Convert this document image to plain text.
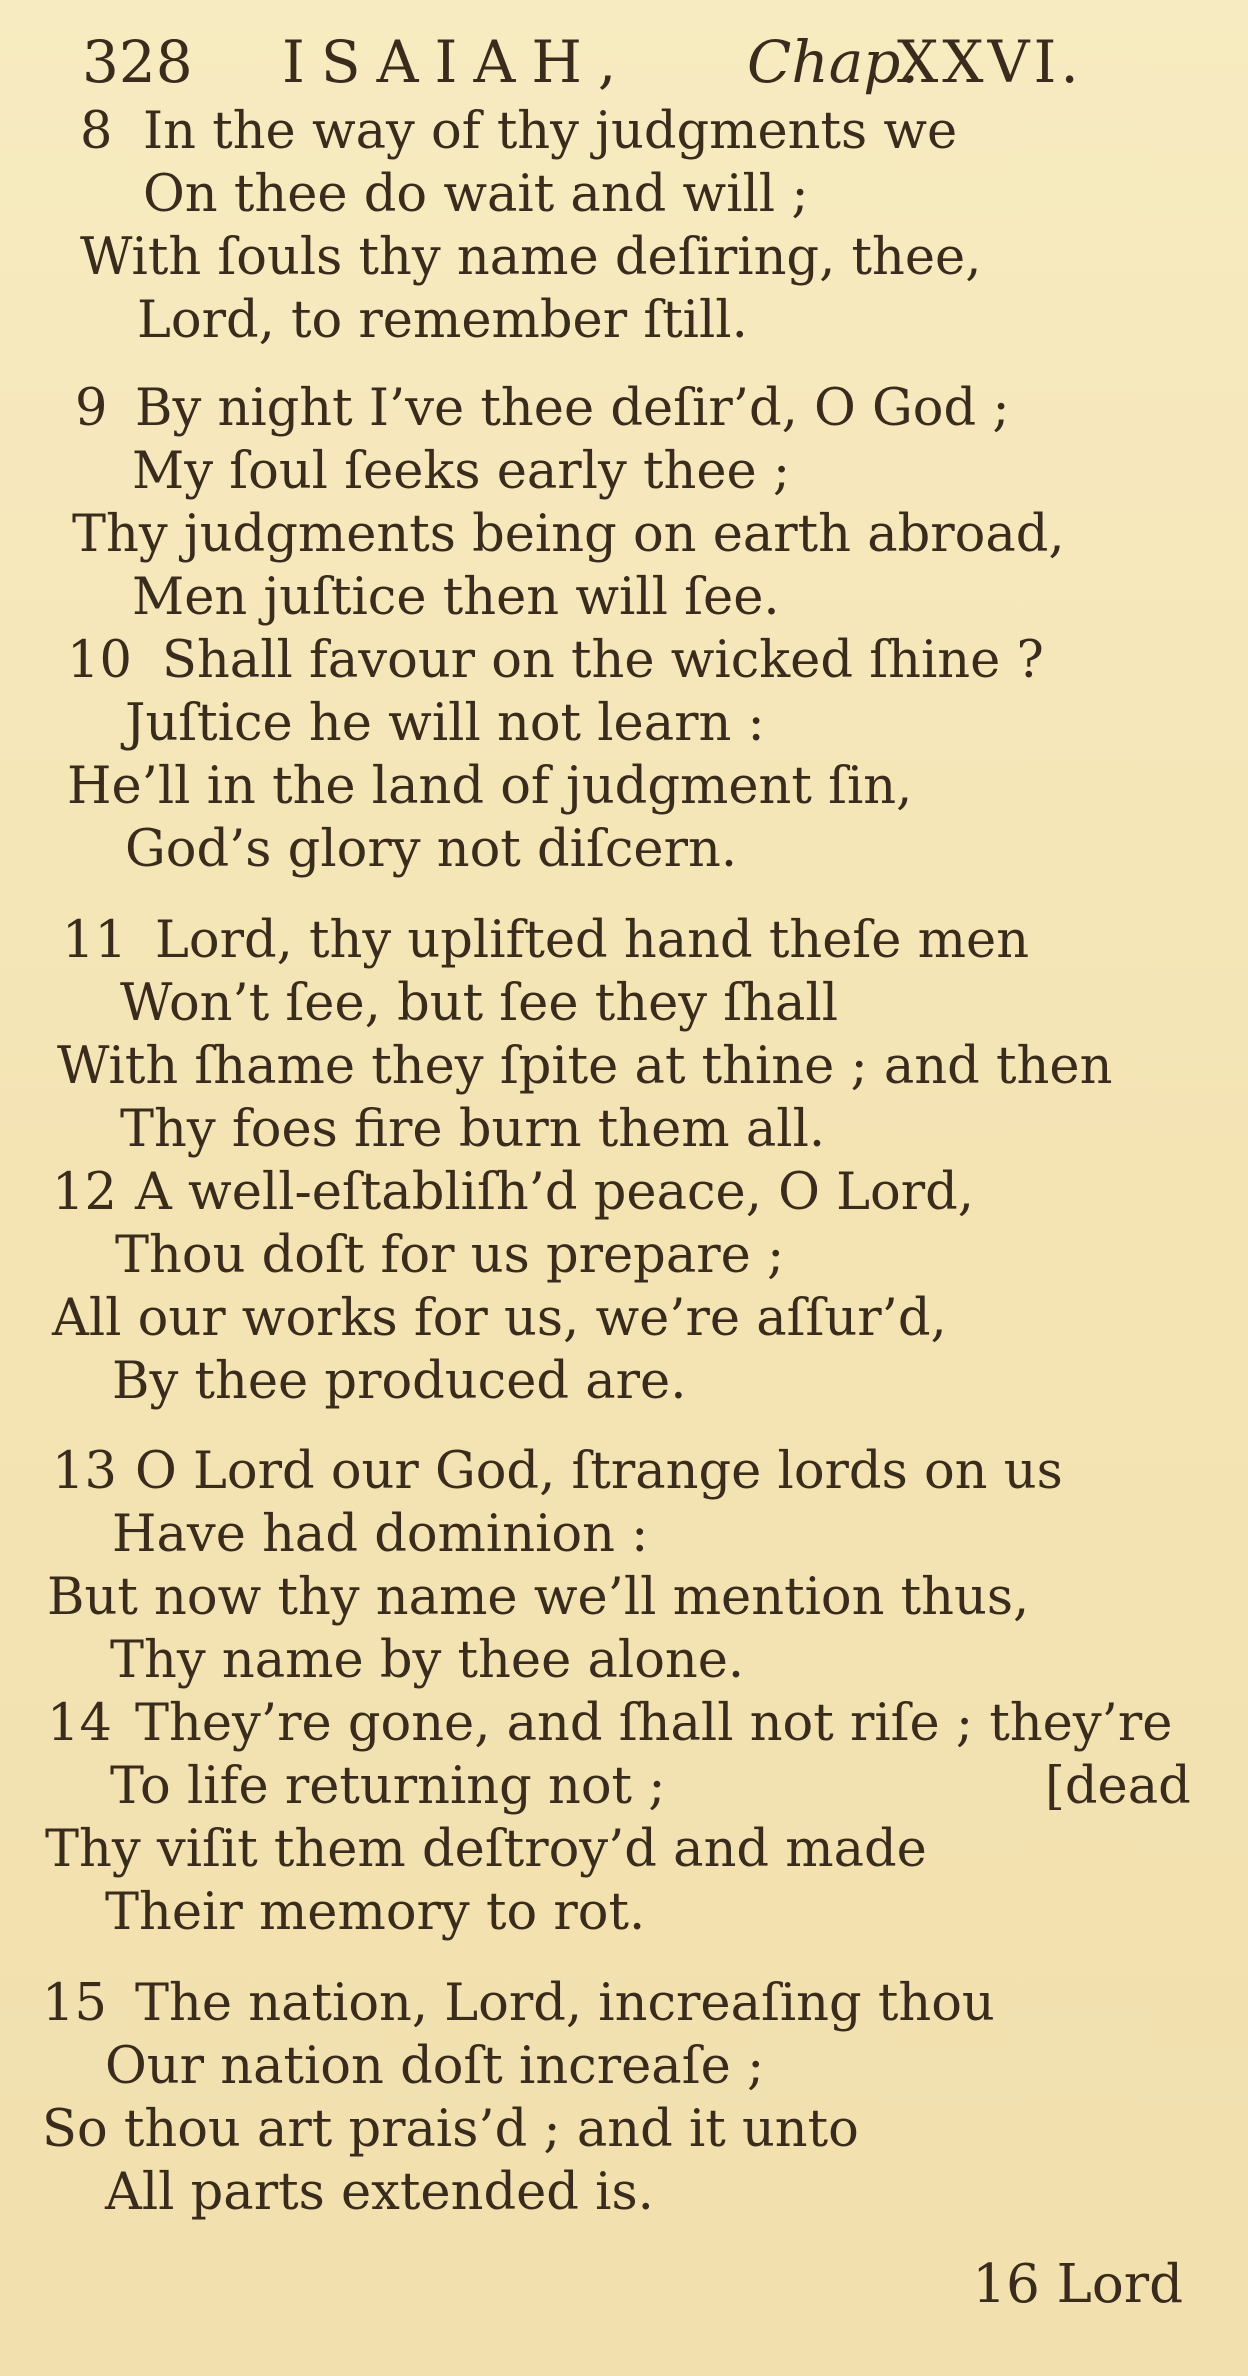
328 ISAIAH, Chap.
XXVI.
8 In the way of thy judgments we
On thee do wait and will ;
With ſouls thy name deſiring, thee,
Lord, to remember ſtill.
9 By night I’ve thee deſir’d, O God ;
My ſoul ſeeks early thee ;
Thy judgments being on earth abroad,
Men juſtice then will ſee.
10 Shall favour on the wicked ſhine ?
Juſtice he will not learn :
He’ll in the land of judgment ſin,
God’s glory not diſcern.
11 Lord, thy uplifted hand theſe men
Won’t ſee, but ſee they ſhall
With ſhame they ſpite at thine ; and then
Thy foes fire burn them all.
12 A well-eſtabliſh’d peace, O Lord,
Thou doſt for us prepare ;
All our works for us, we’re aſſur’d,
By thee produced are.
13 O Lord our God, ſtrange lords on us
Have had dominion :
But now thy name we’ll mention thus,
Thy name by thee alone.
14 They’re gone, and ſhall not riſe ; they’re
To life returning not ;	[dead
Thy viſit them deſtroy’d and made
Their memory to rot.
15 The nation, Lord, increaſing thou
Our nation doſt increaſe ;
So thou art prais’d ; and it unto
All parts extended is.
16 Lord
